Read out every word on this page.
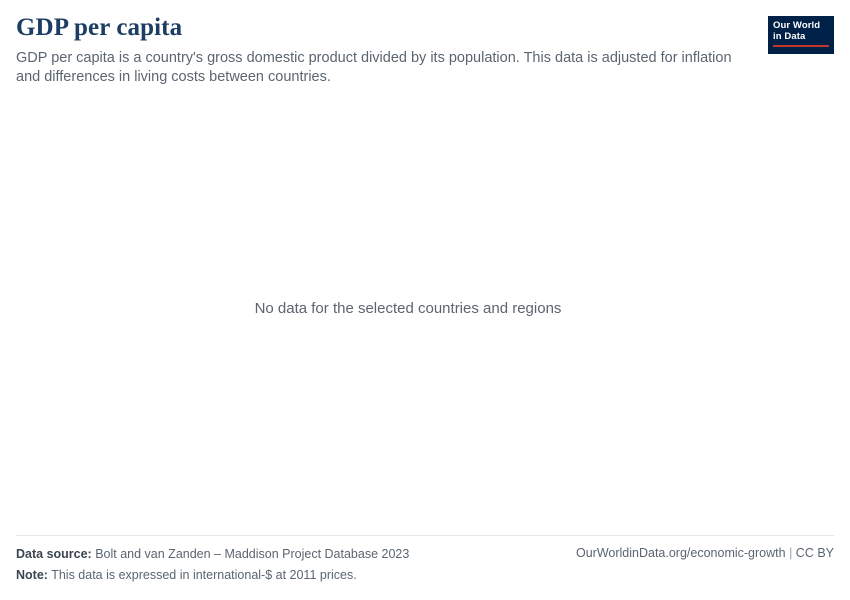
GDP per capita

GDP per capita is a country's gross domestic product divided by its population. This data is adjusted for inflation and differences in living costs between countries.

Our World
in Data
No data for the selected countries and regions
Data source: Bolt and van Zanden – Maddison Project Database 2023
Note: This data is expressed in international-$ at 2011 prices.
OurWorldinData.org/economic-growth | CC BY
